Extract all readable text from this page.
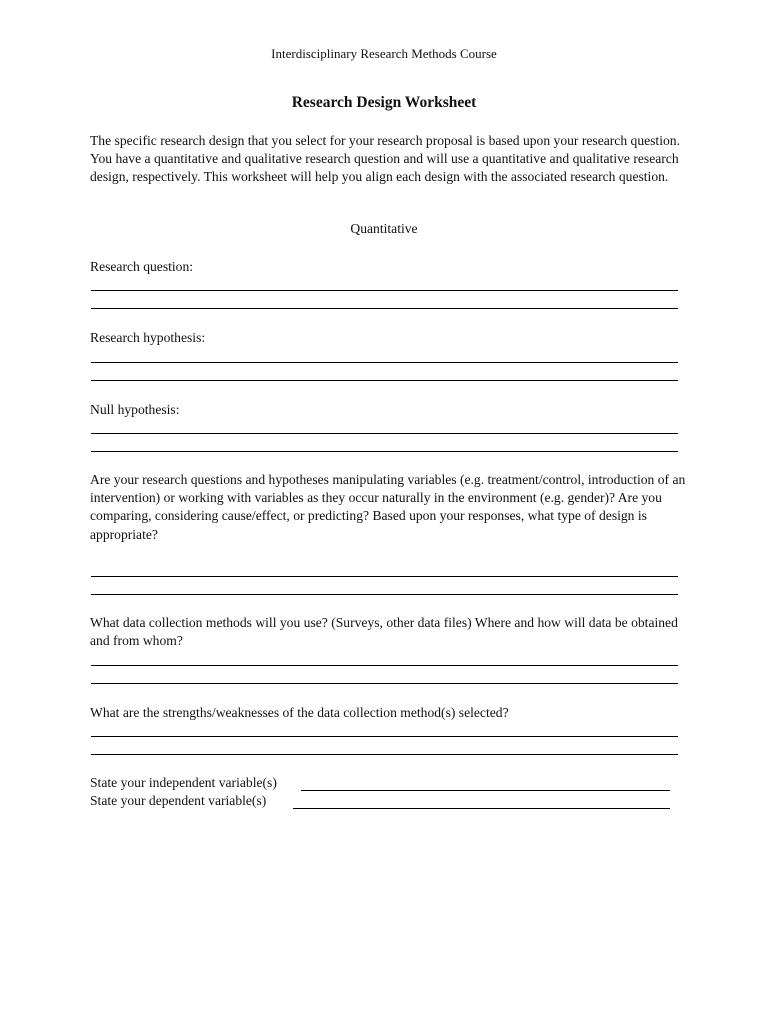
Interdisciplinary Research Methods Course
Research Design Worksheet

The specific research design that you select for your research proposal is based upon your research question. You have a quantitative and qualitative research question and will use a quantitative and qualitative research design, respectively. This worksheet will help you align each design with the associated research question.

Quantitative

Research question:

Research hypothesis:

Null hypothesis:

Are your research questions and hypotheses manipulating variables (e.g. treatment/control, introduction of an intervention) or working with variables as they occur naturally in the environment (e.g. gender)? Are you comparing, considering cause/effect, or predicting? Based upon your responses, what type of design is appropriate?

What data collection methods will you use? (Surveys, other data files) Where and how will data be obtained and from whom?

What are the strengths/weaknesses of the data collection method(s) selected?

State your independent variable(s)
State your dependent variable(s)
